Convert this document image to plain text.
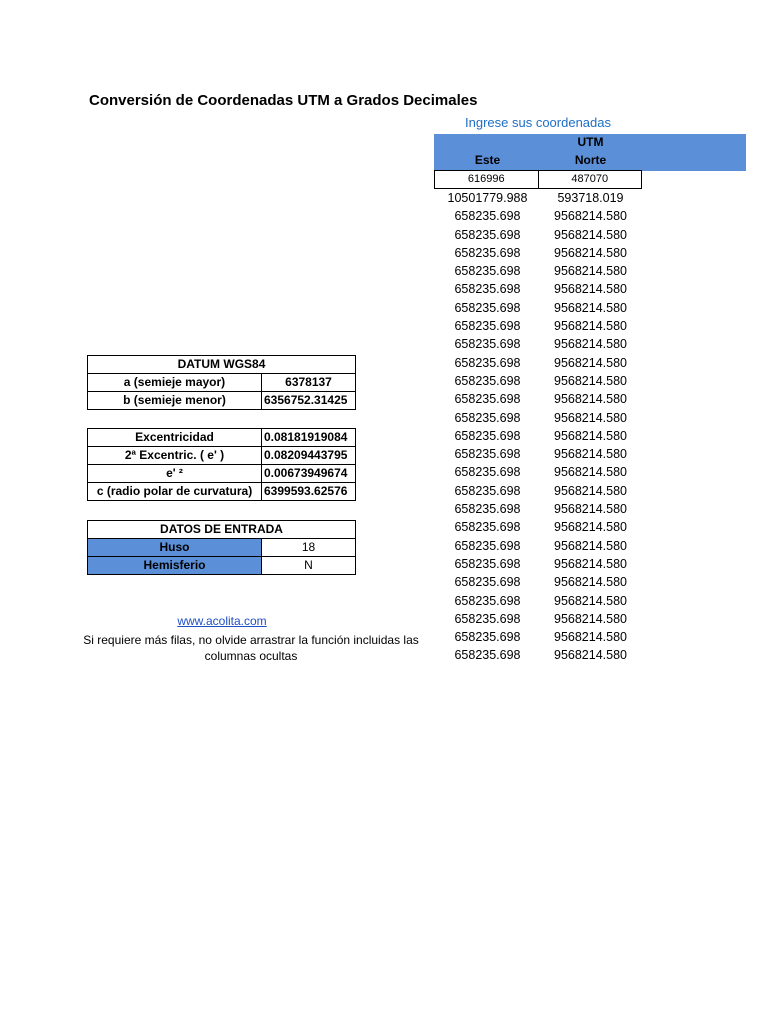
Conversión de Coordenadas UTM a Grados Decimales
Ingrese sus coordenadas
UTM
Este	Norte
616996	487070
10501779.988	593718.019
658235.698	9568214.580
658235.698	9568214.580
658235.698	9568214.580
658235.698	9568214.580
658235.698	9568214.580
658235.698	9568214.580
658235.698	9568214.580
658235.698	9568214.580
658235.698	9568214.580
658235.698	9568214.580
658235.698	9568214.580
658235.698	9568214.580
658235.698	9568214.580
658235.698	9568214.580
658235.698	9568214.580
658235.698	9568214.580
658235.698	9568214.580
658235.698	9568214.580
658235.698	9568214.580
658235.698	9568214.580
658235.698	9568214.580
658235.698	9568214.580
658235.698	9568214.580
658235.698	9568214.580
658235.698	9568214.580
DATUM WGS84	
a (semieje mayor)	6378137
b (semieje menor)	6356752.31425
Excentricidad	0.08181919084
2ª Excentric. ( e' )	0.08209443795
e' ²	0.00673949674
c (radio polar de curvatura)	6399593.62576
DATOS DE ENTRADA	
Huso	18
Hemisferio	N
www.acolita.com
Si requiere más filas, no olvide arrastrar la función incluidas las columnas ocultas
